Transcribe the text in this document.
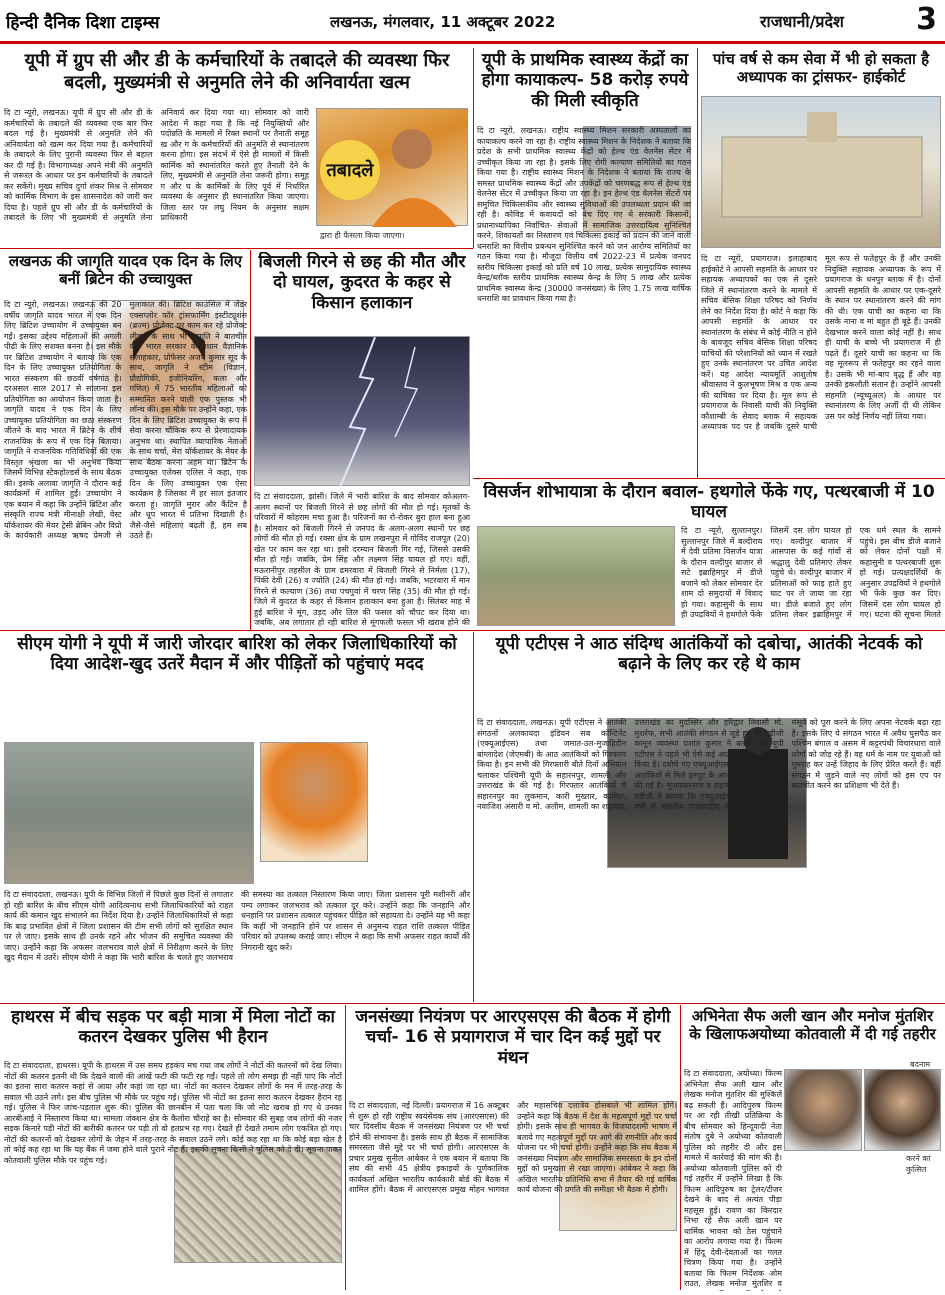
हिन्दी दैनिक दिशा टाइम्स	लखनऊ, मंगलवार, 11 अक्टूबर 2022	राजधानी/प्रदेश 3
यूपी में ग्रुप सी और डी के कर्मचारियों के तबादले की व्यवस्था फिर बदली, मुख्यमंत्री से अनुमति लेने की अनिवार्यता खत्म
दि टा न्यूरो, लखनऊ। यूपी में ग्रुप सी और डी के कर्मचारियों के तबादले की व्यवस्था एक बार फिर बदल गई है। मुख्यमंत्री से अनुमति लेने की अनिवार्यता को खत्म कर दिया गया है। कर्मचारियों के तबादले के लिए पुरानी व्यवस्था फिर से बहाल कर दी गई है। विभागाध्यक्ष अपने मंत्री की अनुमति से जरूरत के आधार पर इन कर्मचारियों के तबादले कर सकेंगे। मुख्य सचिव दुर्गा शंकर मिश्र ने सोमवार को कार्मिक विभाग के इस शासनादेश को जारी कर दिया है। पहले ग्रुप सी और डी के कर्मचारियों के तबादले के लिए भी मुख्यमंत्री से अनुमति लेना अनिवार्य कर दिया गया था। सोमवार को जारी आदेश में कहा गया है कि नई नियुक्तियों और पदोन्नति के मामलों में रिक्त स्थानों पर तैनाती समूह ख और ग के कर्मचारियों की अनुमति से स्थानांतरण करना होगा। इस संदर्भ में ऐसे ही मामलों में किसी कार्मिक को स्थानांतरित करते हुए तैनाती देने के लिए, मुख्यमंत्री से अनुमति लेना जरूरी होगा। समूह ग और घ के कार्मिकों के लिए पूर्व में निर्धारित व्यवस्था के अनुसार ही स्थानांतरित किया जाएगा। जिला स्तर पर लघु नियम के अनुसार सक्षम प्राधिकारी
तबादले
द्वारा ही फैसला किया जाएगा।
यूपी के प्राथमिक स्वास्थ्य केंद्रों का होगा कायाकल्प- 58 करोड़ रुपये की मिली स्वीकृति
दि टा न्यूरो, लखनऊ। राष्ट्रीय स्वास्थ्य मिशन सरकारी अस्पतालों का कायाकल्प करने जा रहा है। राष्ट्रीय स्वास्थ्य मिशन के निदेशक ने बताया कि प्रदेश के सभी प्राथमिक स्वास्थ्य केंद्रों को हेल्थ एंड वेलनेस सेंटर में उच्चीकृत किया जा रहा है। इसके लिए रोगी कल्याण समितियों का गठन किया गया है। राष्ट्रीय स्वास्थ्य मिशन के निदेशक ने बताया कि राज्य के समस्त प्राथमिक स्वास्थ्य केंद्रों और उपकेंद्रों को चरणबद्ध रूप से हेल्थ एंड वेलनेस सेंटर में उच्चीकृत किया जा रहा है। इन हेल्थ एंड वेलनेस सेंटरों पर समुचित चिकित्सकीय और स्वास्थ्य सुविधाओं की उपलब्धता प्रदान की जा रही है। कोविड में कवायदों को बेच दिए गए थे सरकारी किसानों, प्रधानाध्यापिका निर्वाचित- सेवाओं में सामाजिक उत्तरदायित्व सुनिश्चित करने, शिकायतों का निस्तारण एवं चिकित्सा इकाई को प्रदान की जाने वाली धनराशि का वित्तीय प्रबन्धन सुनिश्चित करने को जन आरोग्य समितियों का गठन किया गया है। मौजूदा वित्तीय वर्ष 2022-23 में प्रत्येक जनपद स्तरीय चिकित्सा इकाई को प्रति वर्ष 10 लाख, प्रत्येक सामुदायिक स्वास्थ्य केन्द्र/ब्लॉक स्तरीय प्राथमिक स्वास्थ्य केन्द्र के लिए 5 लाख और प्रत्येक प्राथमिक स्वास्थ्य केन्द्र (30000 जनसंख्या) के लिए 1.75 लाख वार्षिक धनराशि का प्रावधान किया गया है।
पांच वर्ष से कम सेवा में भी हो सकता है अध्यापक का ट्रांसफर- हाईकोर्ट
दि टा न्यूरो, प्रयागराज। इलाहाबाद हाईकोर्ट ने आपसी सहमति के आधार पर सहायक अध्यापकों का एक से दूसरे जिले में स्थानांतरण करने के मामले में सचिव बेसिक शिक्षा परिषद को निर्णय लेने का निर्देश दिया है। कोर्ट ने कहा कि आपसी सहमति के आधार पर स्थानांतरण के संबंध में कोई नीति न होने के बावजूद सचिव बेसिक शिक्षा परिषद याचियों की परेशानियों को ध्यान में रखते हुए उनके स्थानांतरण पर उचित आदेश करें। यह आदेश न्यायमूर्ति आशुतोष श्रीवास्तव ने कुलभूषण मिश्र व एक अन्य की याचिका पर दिया है। मूल रूप से प्रयागराज के निवासी याची की नियुक्ति कौशाम्बी के सेवाद ब्लाक में सहायक अध्यापक पद पर है जबकि दूसरे याची मूल रूप से फतेहपुर के हैं और उनकी नियुक्ति सहायक अध्यापक के रूप में प्रयागराज के धनपुर ब्लाक में है। दोनों आपसी सहमति के आधार पर एक-दूसरे के स्थान पर स्थानांतरण करने की मांग की थी। एक याची का कहना था कि उसके नाना व मां बहुत ही बूढ़े हैं। उनकी देखभाल करने वाला कोई नहीं है। साथ ही याची के बच्चे भी प्रयागराज में ही पढ़ते हैं। दूसरे याची का कहना था कि वह मूलरूप से फतेहपुर का रहने वाला है। उसके भी मां-बाप वृद्ध हैं और वह उनकी इकलौती संतान है। उन्होंने आपसी सहमति (म्यूच्यूअल) के आधार पर स्थानांतरण के लिए अर्जी दी थी लेकिन उस पर कोई निर्णय नहीं लिया गया।
लखनऊ की जागृति यादव एक दिन के लिए बनीं ब्रिटेन की उच्चायुक्त
दि टा न्यूरो, लखनऊ। लखनऊ की 20 वर्षीय जागृति यादव भारत में एक दिन लिए ब्रिटिश उच्चायोग में उच्चायुक्त बन गईं। इसका उद्देश्य महिलाओं की अगली पीढ़ी के लिए सशक्त बनना है। इस मौके पर ब्रिटिश उच्चायोग ने बताया कि एक दिन के लिए उच्चायुक्त प्रतियोगिता के भारत संस्करण की छठवीं वर्षगांठ है। दरअसल साल 2017 से सालाना इस प्रतियोगिता का आयोजन किया जाता है। जागृति यादव ने एक दिन के लिए उच्चायुक्त प्रतियोगिता का छठा संस्करण जीतने के बाद भारत में ब्रिटेन के शीर्ष राजनयिक के रूप में एक दिन बिताया। जागृति ने राजनयिक गतिविधियों की एक विस्तृत श्रृंखला का भी अनुभव किया जिसमें विभिन्न स्टेकहोल्डर्स के साथ बैठक की। इसके अलावा जागृति ने दौरान कई कार्यक्रमों में शामिल हुईं। उच्चायोग ने एक बयान में कहा कि उन्होंने ब्रिटिश और संस्कृति राज्य मंत्री मीनाक्षी लेखी, वेस्ट यॉर्कशायर की मेयर ट्रेसी ब्रेबिन और विप्रो के कार्यकारी अध्यक्ष ऋषद प्रेमजी से मुलाकात की। ब्रिटिश काउंसिल में जेंडर एक्सप्लोर फॉर ट्रांसफार्मिंग इंस्टीट्यूशंस (ब्रज्म) प्रोजेक्ट पर काम कर रहे प्रोजेक्ट लीडर्स के साथ भी जागृति ने बातचीत की। भारत सरकार के प्रधान वैज्ञानिक सलाहकार, प्रोफेसर अजय कुमार सूद के साथ, जागृति ने स्टीम (विज्ञान, प्रौद्योगिकी, इंजीनियरिंग, कला और गणित) में 75 भारतीय महिलाओं को सम्मानित करने वाली एक पुस्तक भी लॉन्च की। इस मौके पर उन्होंने कहा, एक दिन के लिए ब्रिटिश उच्चायुक्त के रूप में सेवा करना चौंकिक रूप से प्रेरणादायक अनुभव था। स्थापित व्यापारिक नेताओं के साथ चर्चा, मेरा यॉर्कशायर के मेयर के साथ बैठक करना अहम था। ब्रिटेन के उच्चायुक्त एलेक्स एलिस ने कहा, एक दिन के लिए उच्चायुक्त एक ऐसा कार्यक्रम है जिसका मैं हर साल इंतजार करता हूं। जागृति मुरार और कैंटिन है और धूप भारत में प्रतिभा दिखाती है। जैसे-जैसे महिलाएं बढ़ती हैं, हम सब उठते हैं।
बिजली गिरने से छह की मौत और दो घायल, कुदरत के कहर से किसान हलाकान
दि टा संवाददाता, झांसी। जिले में भारी बारिश के बाद सोमवार कोअलग-अलग स्थानों पर बिजली गिरने से छह लोगों की मौत हो गई। मृतकों के परिवारों में कोहराम मचा हुआ है। परिजनों का रो-रोकर बुरा हाल बना हुआ है। सोमवार को बिजली गिरने से जनपद के अलग-अलग स्थानों पर छह लोगों की मौत हो गई। रक्सा क्षेत्र के ग्राम लखनपुरा में गोविंद राजपूत (20) खेत पर काम कर रहा था। इसी दरम्यान बिजली गिर गई, जिससे उसकी मौत हो गई। जबकि, प्रेम सिंह और लक्ष्मण सिंह घायल हो गए। वहीं, मऊरानीपुर तहसील के ग्राम ढमरवारा में बिजली गिरने से निर्मला (17), पिंकी देवी (26) व ज्योति (24) की मौत हो गई। जबकि, भटरवारा में मान गिरने से कल्याण (36) तथा पचगुवां में चरण सिंह (35) की मौत हो गई। जिले में कुदरत के कहर से किसान हलाकान बना हुआ है। सितंबर माह में हुई बारिश ने मूंग, उड़द और तिल की फसल को चौपट कर दिया था। जबकि, अब लगातार हो रही बारिश से मूंगफली फसल भी खराब होने की
विसर्जन शोभायात्रा के दौरान बवाल- हथगोले फेंके गए, पत्थरबाजी में 10 घायल
दि टा न्यूरो, सुल्तानपुर। सुल्तानपुर जिले में बल्दीराय में देवी प्रतिमा विसर्जन यात्रा के दौरान वल्दीपुर बाजार से सटे इब्राहिमपुर में डीजे बजाने को लेकर सोमवार देर शाम दो समुदायों में विवाद हो गया। कहासुनी के साथ ही उपद्रवियों ने हथगोले फेंके जिसमें दस लोग घायल हो गए। वल्दीपुर बाजार में आसपास के कई गांवों से श्रद्धालु देवी प्रतिमाएं लेकर पहुंचे थे। वल्दीपुर बाजार में प्रतिमाओं को फाइ हाते हुए घाट पर ले जाया जा रहा था। डीजे बजाते हुए लोग प्रतिमा लेकर इब्राहिमपुर में एक धर्म स्थल के सामने पहुंचे। इस बीच डीजे बजाने को लेकर दोनों पक्षों में कहासुनी व पत्थरबाजी शुरू हो गई। प्रत्यक्षदर्शियों के अनुसार उपद्रवियों ने हथगोले भी फेंके कुछ कर दिए। जिसमें दस लोग घायल हो गए। घटना की सूचना मिलते
सीएम योगी ने यूपी में जारी जोरदार बारिश को लेकर जिलाधिकारियों को दिया आदेश-खुद उतरें मैदान में और पीड़ितों को पहुंचाएं मदद
दि टा संवाददाता, लखनऊ। यूपी के विभिन्न जिलों में पिछले कुछ दिनों से लगातार हो रही बारिश के बीच सीएम योगी आदित्यनाथ सभी जिलाधिकारियों को राहत कार्य की कमान खुद संभालने का निर्देश दिया है। उन्होंने जिलाधिकारियों से कहा कि बाढ़ प्रभावित क्षेत्रों में जिला प्रशासन की टीम सभी लोगों को सुरक्षित स्थान पर ले जाए। इसके साथ ही उनके रहने और भोजन की समुचित व्यवस्था की जाए। उन्होंने कहा कि अफसर जलभराव वाले क्षेत्रों में निरीक्षण करने के लिए खुद मैदान में उतरें। सीएम योगी ने कहा कि भारी बारिश के चलते हुए जलभराव की समस्या का तत्काल निस्तारण किया जाए। जिला प्रशासन पूरी मशीनरी और पम्प लगाकर जलभराव को तत्काल दूर करे। उन्होंने कहा कि जनहानि और धनहानि पर प्रशासन तत्काल पहुंचकर पीड़ित को सहायता दे। उन्होंने यह भी कहा कि कहीं भी जनहानि होने पर शासन से अनुमन्य राहत राशि तत्काल पीड़ित परिवार को उपलब्ध कराई जाए। सीएम ने कहा कि सभी अफसर राहत कार्यों की निगरानी खुद करें।
यूपी एटीएस ने आठ संदिग्ध आतंकियों को दबोचा, आतंकी नेटवर्क को बढ़ाने के लिए कर रहे थे काम
दि टा संवाददाता, लखनऊ। यूपी एटीएस ने आतंकी संगठनों अलकायदा इंडियन सब कॉन्टिनेंट (एक्यूआईएस) तथा जमात-उल-मुजाहिदीन बांग्लादेश (जेएमबी) के आठ आतंकियों को गिरफ्तार किया है। इन सभी की गिरफ्तारी बीते दिनों अभियान चलाकर पश्चिमी यूपी के सहारनपुर, शामली और उत्तराखंड के की गई है। गिरफ्तार आतंकियों में सहारनपुर का लुकमान, कारी मुख्तार, कामिल, नवाजिश अंसारी व मो. अलीम, शामली का शहजाद, उत्तराखंड का मुदस्सिर और हरिद्वार निवासी मो. मुशर्रफ, सभी आतंकी संगठन से जुड़े हुए थे। एडीजी कानून व्यवस्था प्रशांत कुमार ने बताया कि यूपी एटीएस ने पहले भी ऐसे कई आतंकियों को गिरफ्तार किया है। दबोचे गए एक्यूआईएस व जेएमबी के तीन आतंकियों से मिले इनपुट के आधार पर यह कार्रवाई की गई है। मुजफ्फरनगर व सहारनपुर से भी जुड़े थे। एडीजी ने बताया कि एक्यूआईएस व जेएमबी कई वर्षों से भारतीय उपमहाद्वीप में गजवा-ए-हिंद के मंसूबे को पूरा करने के लिए अपना नेटवर्क बढ़ा रहा है। इसके लिए ये संगठन भारत में अवैध घुसपैठ कर पश्चिम बंगाल व असम में कट्टरपंथी विचारधारा वाले लोगों को जोड़ रहे हैं। वह धर्म के नाम पर युवाओं को गुमराह कर उन्हें जिहाद के लिए प्रेरित करते हैं। वहीं संगठन में जुड़ने वाले नए लोगों को इस एप पर बातचीत करने का प्रशिक्षण भी देते हैं।
हाथरस में बीच सड़क पर बड़ी मात्रा में मिला नोटों का कतरन देखकर पुलिस भी हैरान
दि टा संवाददाता, हाथरस। यूपी के हाथरस में उस समय हड़कंप मच गया जब लोगों ने नोटों की कतरनों को देख लिया। नोटों की कतरन इतनी थी कि देखने वालों की आंखें फटी की फटी रह गईं। पहले तो लोग समझ ही नहीं पाए कि नोटों का इतना सारा कतरन कहां से आया और कहां जा रहा था। नोटों का कतरन देखकर लोगों के मन में तरह-तरह के सवाल भी उठने लगे। इस बीच पुलिस भी मौके पर पहुंच गई। पुलिस भी नोटों का इतना सारा कतरन देखकर हैरान रह गई। पुलिस ने फिर जांच-पड़ताल शुरू की। पुलिस की छानबीन में पता चला कि जो नोट खराब हो गए थे उनका आरबीआई ने निस्तारण किया था। मामला जंक्शन क्षेत्र के कैलोरा चौराहे का है। सोमवार की सुबह जब लोगों की नजर सड़क किनारे पड़ी नोटों की बारीकी कतरन पर पड़ी तो वो हतप्रभ रह गए। देखते ही देखते तमाम लोग एकत्रित हो गए। नोटों की कतरनों को देखकर लोगों के जेहन में तरह-तरह के सवाल उठने लगे। कोई कह रहा था कि कोई बड़ा खेल है तो कोई कह रहा था कि यह बैंक में जमा होने वाले पुराने नोट हैं। इसकी सूचना किसी ने पुलिस को दे दी। सूचना पाकर कोतवाली पुलिस मौके पर पहुंच गई।
जनसंख्या नियंत्रण पर आरएसएस की बैठक में होगी चर्चा- 16 से प्रयागराज में चार दिन कई मुद्दों पर मंथन
दि टा संवाददाता, नई दिल्ली। प्रयागराज में 16 अक्टूबर से शुरू हो रही राष्ट्रीय स्वयंसेवक संघ (आरएसएस) की चार दिवसीय बैठक में जनसंख्या नियंत्रण पर भी चर्चा होने की संभावना है। इसके साथ ही बैठक में सामाजिक समरसता जैसे मुद्दे पर भी चर्चा होगी। आरएसएस के प्रचार प्रमुख सुनील आंबेकर ने एक बयान में बताया कि संघ की सभी 45 क्षेत्रीय इकाइयों के पूर्णकालिक कार्यकर्ता अखिल भारतीय कार्यकारी बोर्ड की बैठक में शामिल होंगे। बैठक में आरएसएस प्रमुख मोहन भागवत और महासचिव दत्तात्रेय होसबाले भी शामिल होंगे। उन्होंने कहा कि बैठक में देश के महत्वपूर्ण मुद्दों पर चर्चा होगी। इसके साथ ही भागवत के विजयादशमी भाषण में बताये गए महत्वपूर्ण मुद्दों पर आगे की रणनीति और कार्य योजना पर भी चर्चा होगी। उन्होंने कहा कि संघ बैठक में जनसंख्या नियंत्रण और सामाजिक समरसता के इन दोनों मुद्दों को प्रमुखता से रखा जाएगा। आंबेकर ने कहा कि अखिल भारतीय प्रतिनिधि सभा में तैयार की गई वार्षिक कार्य योजना की प्रगति की समीक्षा भी बैठक में होगी।
अभिनेता सैफ अली खान और मनोज मुंतशिर के खिलाफअयोध्या कोतवाली में दी गई तहरीर
बदनाम
करने का कुत्सित
दि टा संवाददाता, अयोध्या। फिल्म अभिनेता सैफ अली खान और लेखक मनोज मुंतशिर की मुश्किलें बढ़ सकती हैं। आदिपुरुष फिल्म पर आ रही तीखी प्रतिक्रिया के बीच सोमवार को हिन्दूवादी नेता संतोष दुबे ने अयोध्या कोतवाली पुलिस को तहरीर दी और इस मामले में कार्रवाई की मांग की है। अयोध्या कोतवाली पुलिस को दी गई तहरीर में उन्होंने लिखा है कि फिल्म आदिपुरुष का ट्रेलर/टीजर देखने के बाद से अत्यंत पीड़ा महसूस हुई। रावण का किरदार निभा रहे सैफ अली खान पर धार्मिक भावना को ठेस पहुंचाने का आरोप लगाया गया है। फिल्म में हिंदू देवी-देवताओं का गलत चित्रण किया गया है। उन्होंने बताया कि फिल्म निर्देशक ओम राउत, लेखक मनोज मुंतशिर व
